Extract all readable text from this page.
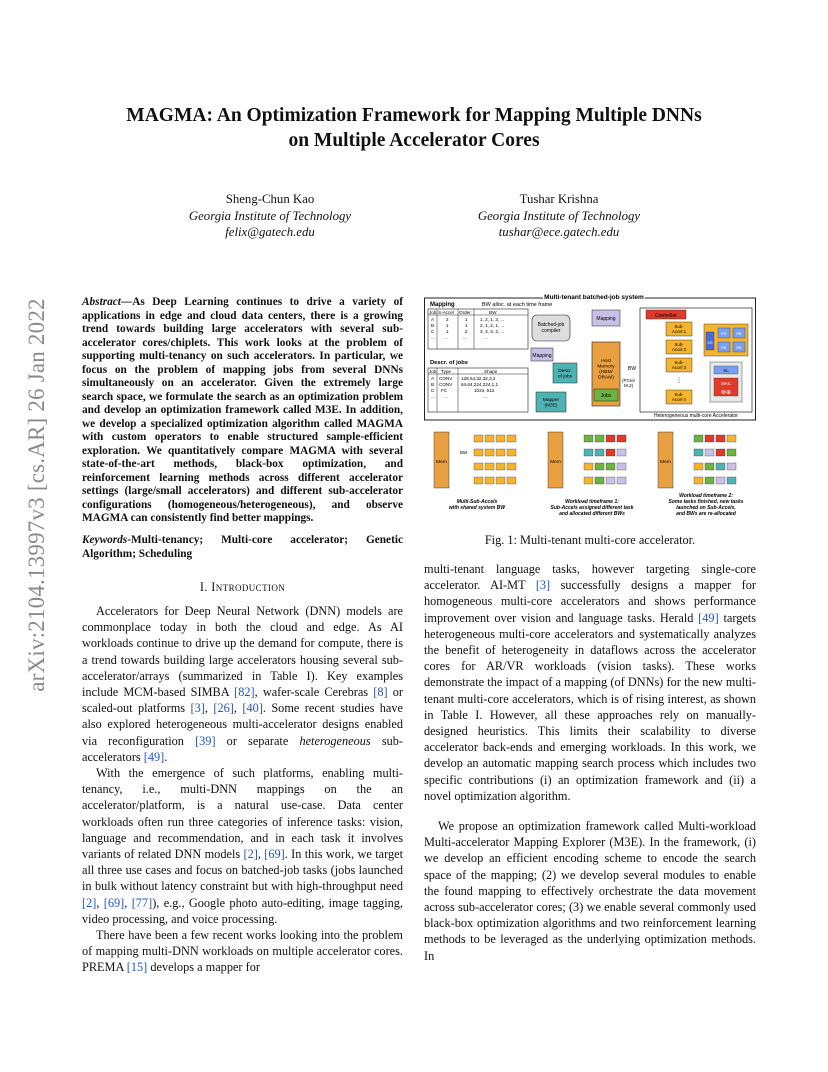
arXiv:2104.13997v3 [cs.AR] 26 Jan 2022
MAGMA: An Optimization Framework for Mapping Multiple DNNs
on Multiple Accelerator Cores
Sheng-Chun Kao
Georgia Institute of Technology
felix@gatech.edu
Tushar Krishna
Georgia Institute of Technology
tushar@ece.gatech.edu
Abstract—As Deep Learning continues to drive a variety of applications in edge and cloud data centers, there is a growing trend towards building large accelerators with several sub-accelerator cores/chiplets. This work looks at the problem of supporting multi-tenancy on such accelerators. In particular, we focus on the problem of mapping jobs from several DNNs simultaneously on an accelerator. Given the extremely large search space, we formulate the search as an optimization problem and develop an optimization framework called M3E. In addition, we develop a specialized optimization algorithm called MAGMA with custom operators to enable structured sample-efficient exploration. We quantitatively compare MAGMA with several state-of-the-art methods, black-box optimization, and reinforcement learning methods across different accelerator settings (large/small accelerators) and different sub-accelerator configurations (homogeneous/heterogeneous), and observe MAGMA can consistently find better mappings.
Keywords-Multi-tenancy; Multi-core accelerator; Genetic Algorithm; Scheduling
I. Introduction

Accelerators for Deep Neural Network (DNN) models are commonplace today in both the cloud and edge. As AI workloads continue to drive up the demand for compute, there is a trend towards building large accelerators housing several sub-accelerator/arrays (summarized in Table I). Key examples include MCM-based SIMBA [82], wafer-scale Cerebras [8] or scaled-out platforms [3], [26], [40]. Some recent studies have also explored heterogeneous multi-accelerator designs enabled via reconfiguration [39] or separate heterogeneous sub-accelerators [49].

With the emergence of such platforms, enabling multi-tenancy, i.e., multi-DNN mappings on the an accelerator/platform, is a natural use-case. Data center workloads often run three categories of inference tasks: vision, language and recommendation, and in each task it involves variants of related DNN models [2], [69]. In this work, we target all three use cases and focus on batched-job tasks (jobs launched in bulk without latency constraint but with high-throughput need [2], [69], [77]), e.g., Google photo auto-editing, image tagging, video processing, and voice processing.

There have been a few recent works looking into the problem of mapping multi-DNN workloads on multiple accelerator cores. PREMA [15] develops a mapper for

Multi-tenant batched-job system
Mapping	BW alloc. at each time frame
Job S-Accel Order	BW
A	2	1	1, 2, 1, 3, ...
B	1	1	2, 1, 2, 1, ...
C	1	2	3, 3, 3, 2, ...
... ...	...	...
Descr. of jobs
Job Type	Shape
A CONV 128,64,32,32,3,3
B CONV 64,64,224,224,1,1
C FC	1024, 512
... ...	...
Batched-job compiler
Mapping
Descr. of jobs
Mapper (M3E)
Host Memory (HBM/ DRAM)
Jobs
BW
(PCIe/ M.2)
Mapping	Controller
Sub-Accel 1
Sub-Accel 2
Sub-Accel 3
⋮
Sub-Accel n
SG
PE PE
PE PE
SL
MAC
⊗⊕
Heterogeneous multi-core Accelerator
Mem
BW
Multi-Sub-Accels with shared system BW
Mem
Workload timeframe 1: Sub-Accels assigned different task and allocated different BWs
Mem
Workload timeframe 2: Some tasks finished, new tasks launched on Sub-Accels, and BWs are re-allocated
Fig. 1: Multi-tenant multi-core accelerator.

multi-tenant language tasks, however targeting single-core accelerator. AI-MT [3] successfully designs a mapper for homogeneous multi-core accelerators and shows performance improvement over vision and language tasks. Herald [49] targets heterogeneous multi-core accelerators and systematically analyzes the benefit of heterogeneity in dataflows across the accelerator cores for AR/VR workloads (vision tasks). These works demonstrate the impact of a mapping (of DNNs) for the new multi-tenant multi-core accelerators, which is of rising interest, as shown in Table I. However, all these approaches rely on manually-designed heuristics. This limits their scalability to diverse accelerator back-ends and emerging workloads. In this work, we develop an automatic mapping search process which includes two specific contributions (i) an optimization framework and (ii) a novel optimization algorithm.

We propose an optimization framework called Multi-workload Multi-accelerator Mapping Explorer (M3E). In the framework, (i) we develop an efficient encoding scheme to encode the search space of the mapping; (2) we develop several modules to enable the found mapping to effectively orchestrate the data movement across sub-accelerator cores; (3) we enable several commonly used black-box optimization algorithms and two reinforcement learning methods to be leveraged as the underlying optimization methods. In
